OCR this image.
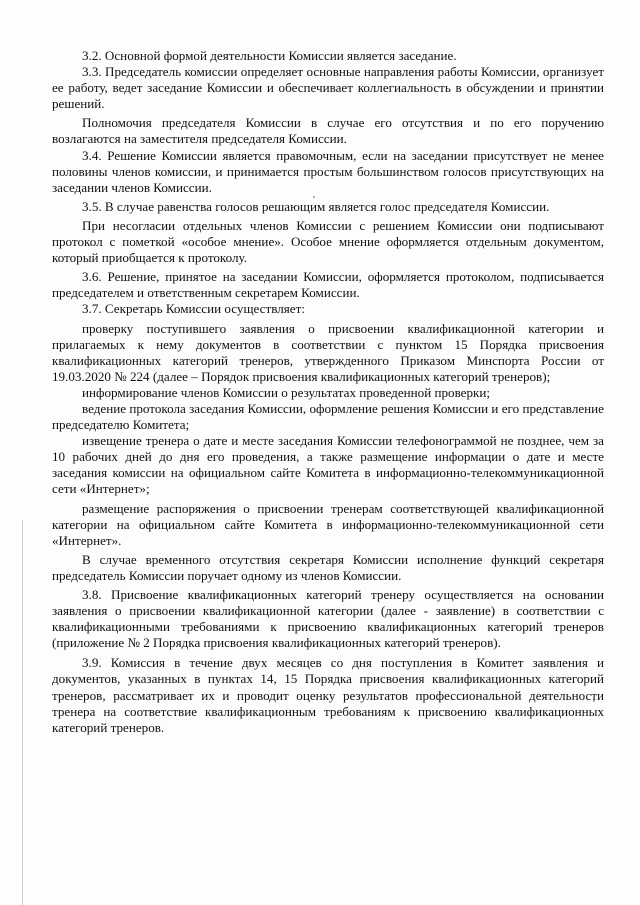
3.2. Основной формой деятельности Комиссии является заседание.

3.3. Председатель комиссии определяет основные направления работы Комиссии, организует ее работу, ведет заседание Комиссии и обеспечивает коллегиальность в обсуждении и принятии решений.

Полномочия председателя Комиссии в случае его отсутствия и по его поручению возлагаются на заместителя председателя Комиссии.

3.4. Решение Комиссии является правомочным, если на заседании присутствует не менее половины членов комиссии, и принимается простым большинством голосов присутствующих на заседании членов Комиссии.

3.5. В случае равенства голосов решающим является голос председателя Комиссии.

При несогласии отдельных членов Комиссии с решением Комиссии они подписывают протокол с пометкой «особое мнение». Особое мнение оформляется отдельным документом, который приобщается к протоколу.

3.6. Решение, принятое на заседании Комиссии, оформляется протоколом, подписывается председателем и ответственным секретарем Комиссии.

3.7. Секретарь Комиссии осуществляет:

проверку поступившего заявления о присвоении квалификационной категории и прилагаемых к нему документов в соответствии с пунктом 15 Порядка присвоения квалификационных категорий тренеров, утвержденного Приказом Минспорта России от 19.03.2020 № 224 (далее – Порядок присвоения квалификационных категорий тренеров);

информирование членов Комиссии о результатах проведенной проверки;

ведение протокола заседания Комиссии, оформление решения Комиссии и его представление председателю Комитета;

извещение тренера о дате и месте заседания Комиссии телефонограммой не позднее, чем за 10 рабочих дней до дня его проведения, а также размещение информации о дате и месте заседания комиссии на официальном сайте Комитета в информационно-телекоммуникационной сети «Интернет»;

размещение распоряжения о присвоении тренерам соответствующей квалификационной категории на официальном сайте Комитета в информационно-телекоммуникационной сети «Интернет».

В случае временного отсутствия секретаря Комиссии исполнение функций секретаря председатель Комиссии поручает одному из членов Комиссии.

3.8. Присвоение квалификационных категорий тренеру осуществляется на основании заявления о присвоении квалификационной категории (далее - заявление) в соответствии с квалификационными требованиями к присвоению квалификационных категорий тренеров (приложение № 2 Порядка присвоения квалификационных категорий тренеров).

3.9. Комиссия в течение двух месяцев со дня поступления в Комитет заявления и документов, указанных в пунктах 14, 15 Порядка присвоения квалификационных категорий тренеров, рассматривает их и проводит оценку результатов профессиональной деятельности тренера на соответствие квалификационным требованиям к присвоению квалификационных категорий тренеров.
